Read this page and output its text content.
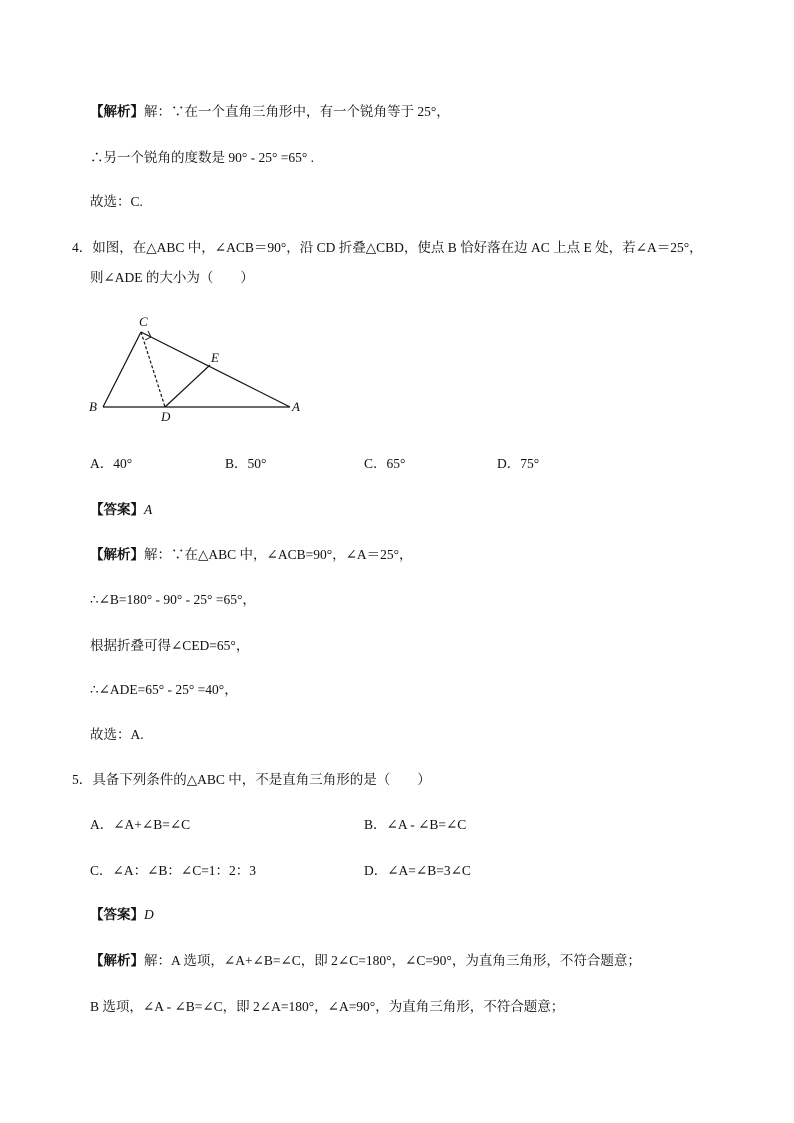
【解析】解：∵在一个直角三角形中，有一个锐角等于 25°，
∴另一个锐角的度数是 90° - 25° =65° .
故选：C.
4．如图，在△ABC 中，∠ACB＝90°，沿 CD 折叠△CBD，使点 B 恰好落在边 AC 上点 E 处，若∠A＝25°，
则∠ADE 的大小为（　　）
C
E
B
D
A
A．40°	B．50°	C．65°	D．75°
【答案】A
【解析】解：∵在△ABC 中，∠ACB=90°，∠A＝25°，
∴∠B=180° - 90° - 25° =65°，
根据折叠可得∠CED=65°，
∴∠ADE=65° - 25° =40°，
故选：A.
5．具备下列条件的△ABC 中，不是直角三角形的是（　　）
A．∠A+∠B=∠C	B．∠A - ∠B=∠C
C．∠A：∠B：∠C=1：2：3	D．∠A=∠B=3∠C
【答案】D
【解析】解：A 选项，∠A+∠B=∠C，即 2∠C=180°，∠C=90°，为直角三角形，不符合题意；
B 选项，∠A - ∠B=∠C，即 2∠A=180°，∠A=90°，为直角三角形，不符合题意；
